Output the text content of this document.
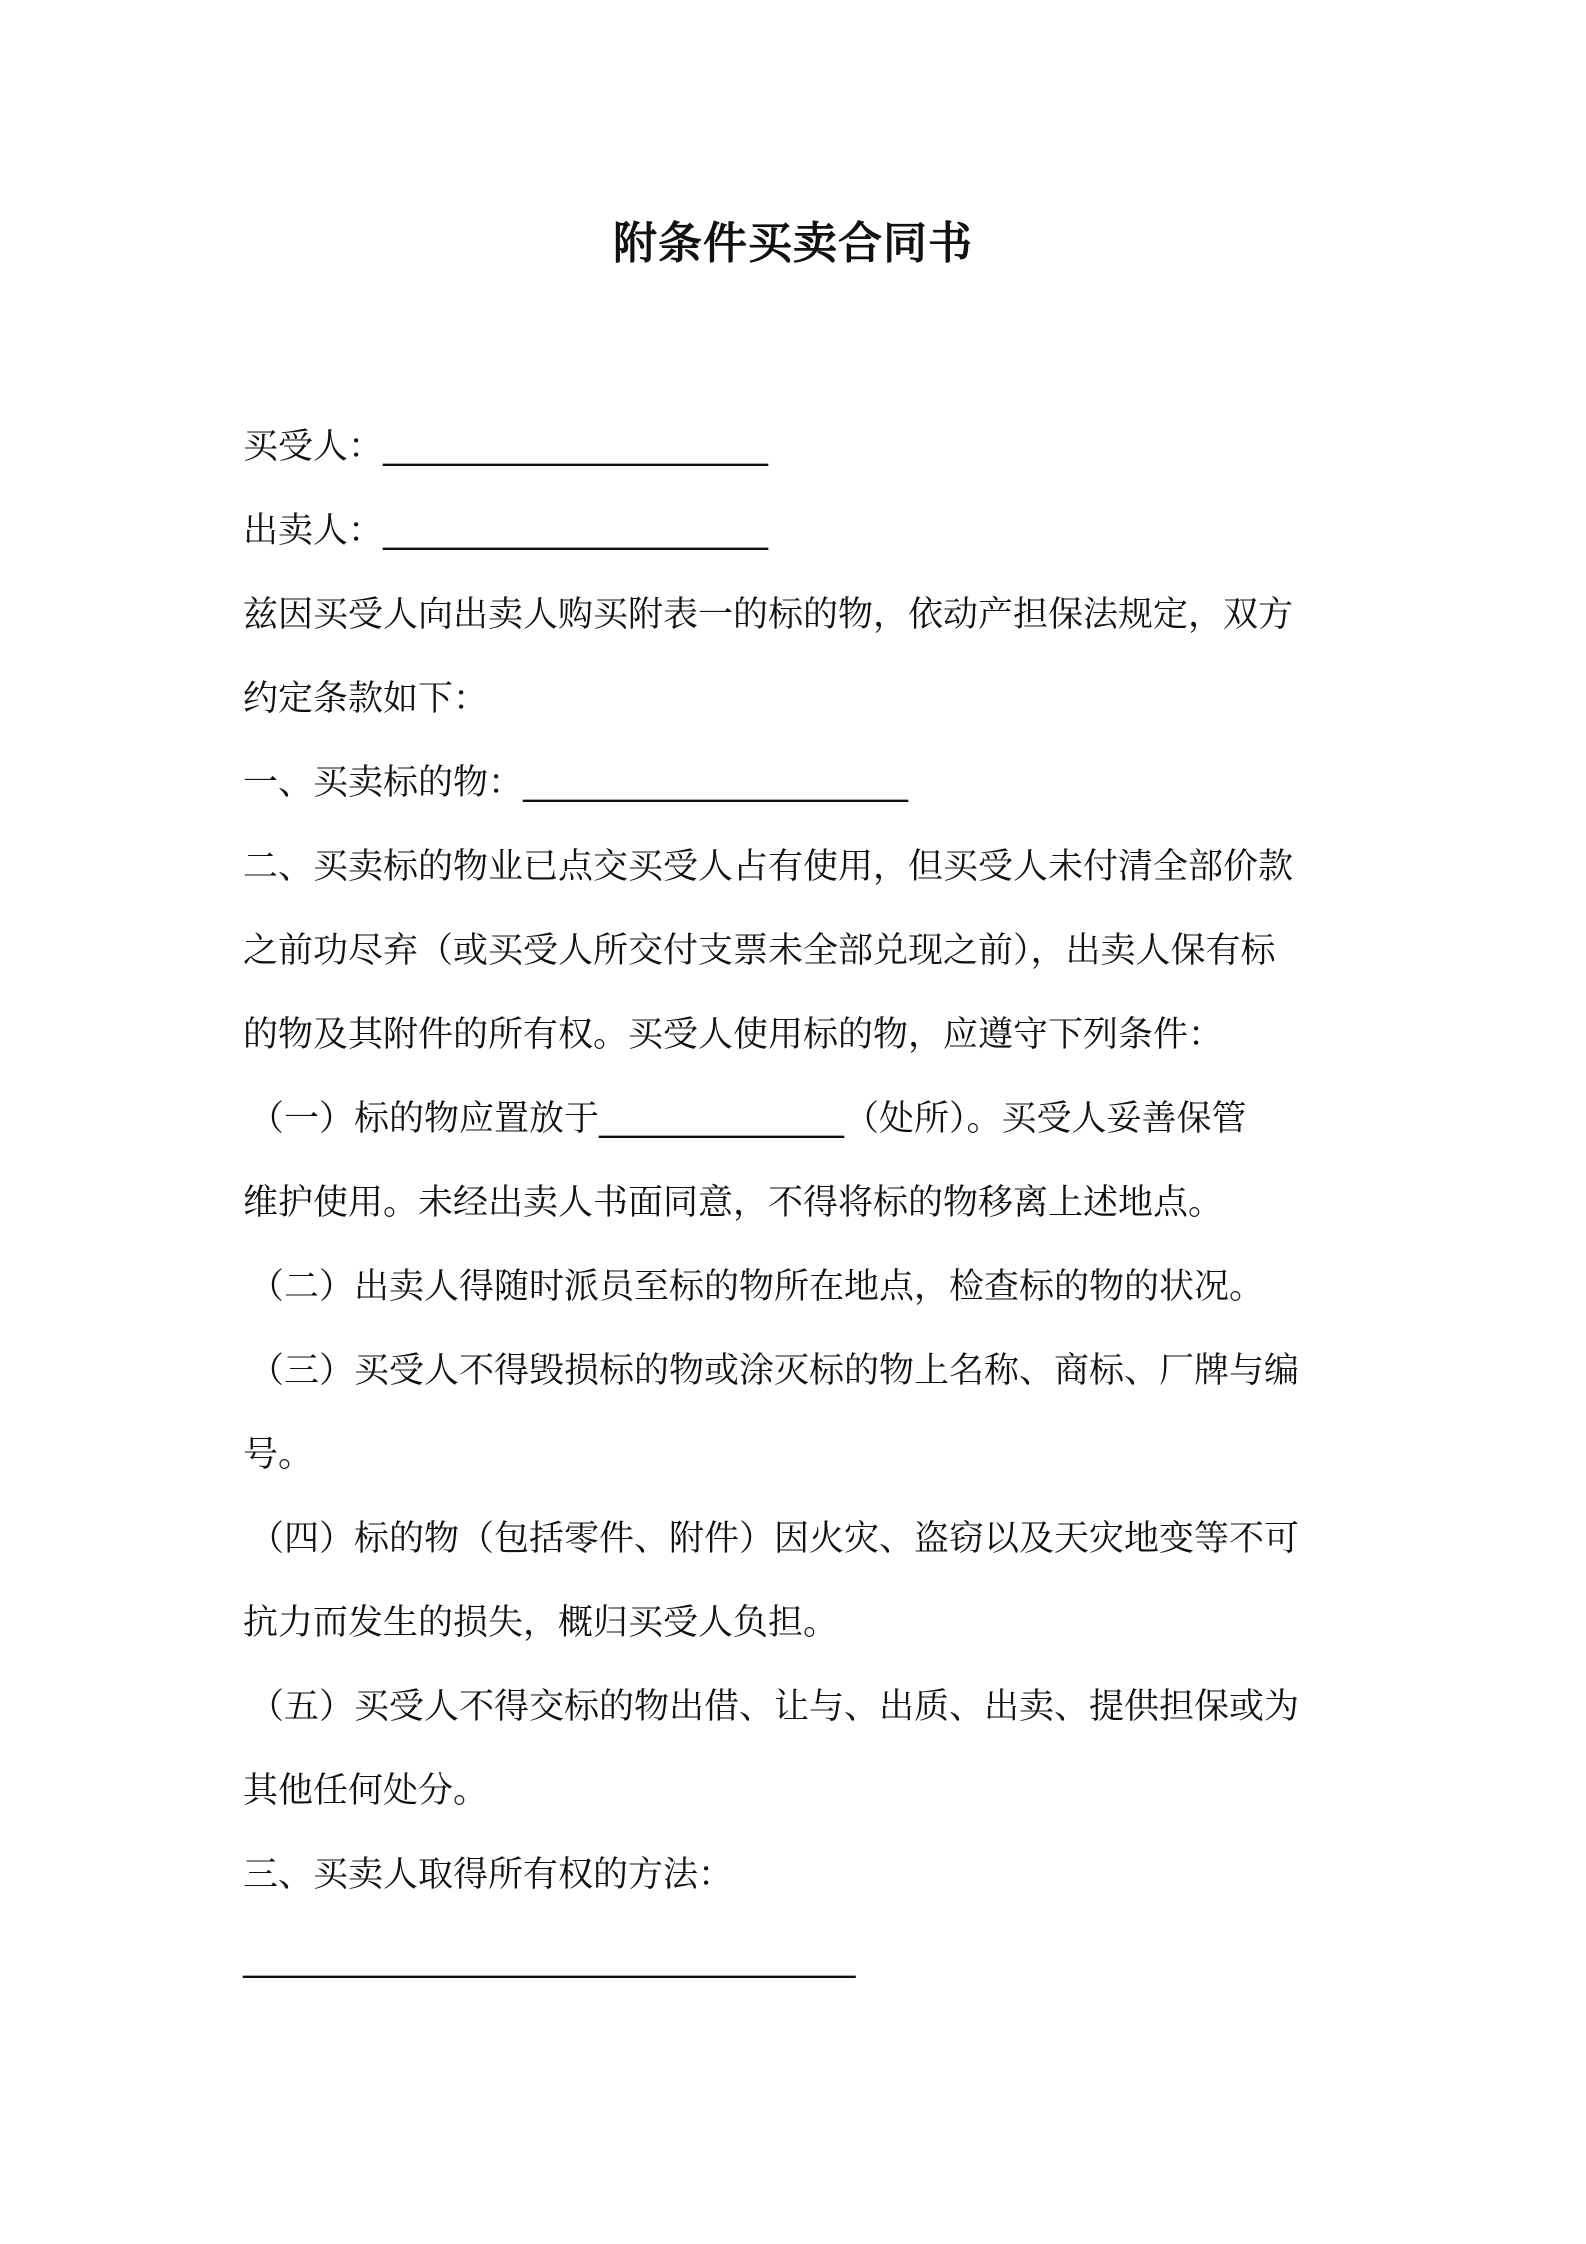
附条件买卖合同书
买受人：______________________
出卖人：______________________
兹因买受人向出卖人购买附表一的标的物，依动产担保法规定，双方
约定条款如下：
一、买卖标的物：______________________
二、买卖标的物业已点交买受人占有使用，但买受人未付清全部价款
之前功尽弃（或买受人所交付支票未全部兑现之前），出卖人保有标
的物及其附件的所有权。买受人使用标的物，应遵守下列条件：
（一）标的物应置放于______________（处所）。买受人妥善保管
维护使用。未经出卖人书面同意，不得将标的物移离上述地点。
（二）出卖人得随时派员至标的物所在地点，检查标的物的状况。
（三）买受人不得毁损标的物或涂灭标的物上名称、商标、厂牌与编
号。
（四）标的物（包括零件、附件）因火灾、盗窃以及天灾地变等不可
抗力而发生的损失，概归买受人负担。
（五）买受人不得交标的物出借、让与、出质、出卖、提供担保或为
其他任何处分。
三、买卖人取得所有权的方法：
___________________________________
